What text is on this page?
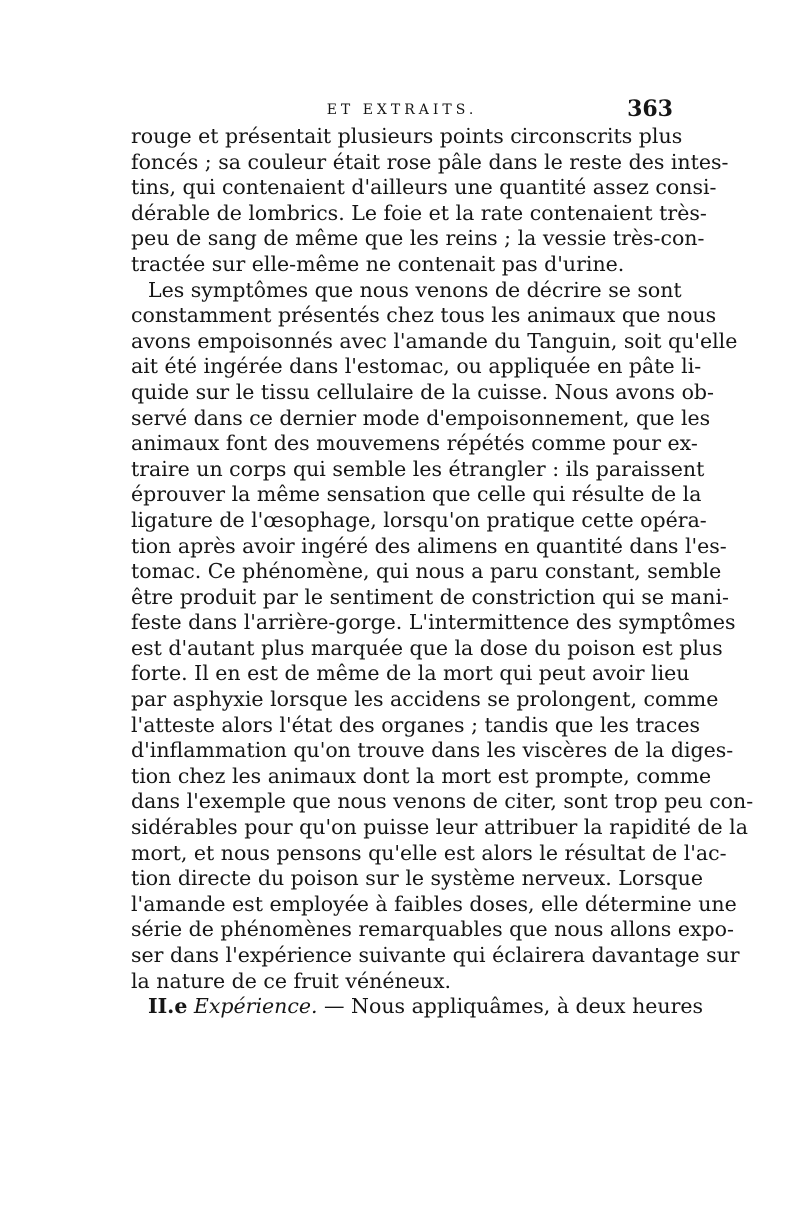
ET EXTRAITS.	363
rouge et présentait plusieurs points circonscrits plus
foncés ; sa couleur était rose pâle dans le reste des intes-
tins, qui contenaient d'ailleurs une quantité assez consi-
dérable de lombrics. Le foie et la rate contenaient très-
peu de sang de même que les reins ; la vessie très-con-
tractée sur elle-même ne contenait pas d'urine.
Les symptômes que nous venons de décrire se sont
constamment présentés chez tous les animaux que nous
avons empoisonnés avec l'amande du Tanguin, soit qu'elle
ait été ingérée dans l'estomac, ou appliquée en pâte li-
quide sur le tissu cellulaire de la cuisse. Nous avons ob-
servé dans ce dernier mode d'empoisonnement, que les
animaux font des mouvemens répétés comme pour ex-
traire un corps qui semble les étrangler : ils paraissent
éprouver la même sensation que celle qui résulte de la
ligature de l'œsophage, lorsqu'on pratique cette opéra-
tion après avoir ingéré des alimens en quantité dans l'es-
tomac. Ce phénomène, qui nous a paru constant, semble
être produit par le sentiment de constriction qui se mani-
feste dans l'arrière-gorge. L'intermittence des symptômes
est d'autant plus marquée que la dose du poison est plus
forte. Il en est de même de la mort qui peut avoir lieu
par asphyxie lorsque les accidens se prolongent, comme
l'atteste alors l'état des organes ; tandis que les traces
d'inflammation qu'on trouve dans les viscères de la diges-
tion chez les animaux dont la mort est prompte, comme
dans l'exemple que nous venons de citer, sont trop peu con-
sidérables pour qu'on puisse leur attribuer la rapidité de la
mort, et nous pensons qu'elle est alors le résultat de l'ac-
tion directe du poison sur le système nerveux. Lorsque
l'amande est employée à faibles doses, elle détermine une
série de phénomènes remarquables que nous allons expo-
ser dans l'expérience suivante qui éclairera davantage sur
la nature de ce fruit vénéneux.
II.e Expérience. — Nous appliquâmes, à deux heures
